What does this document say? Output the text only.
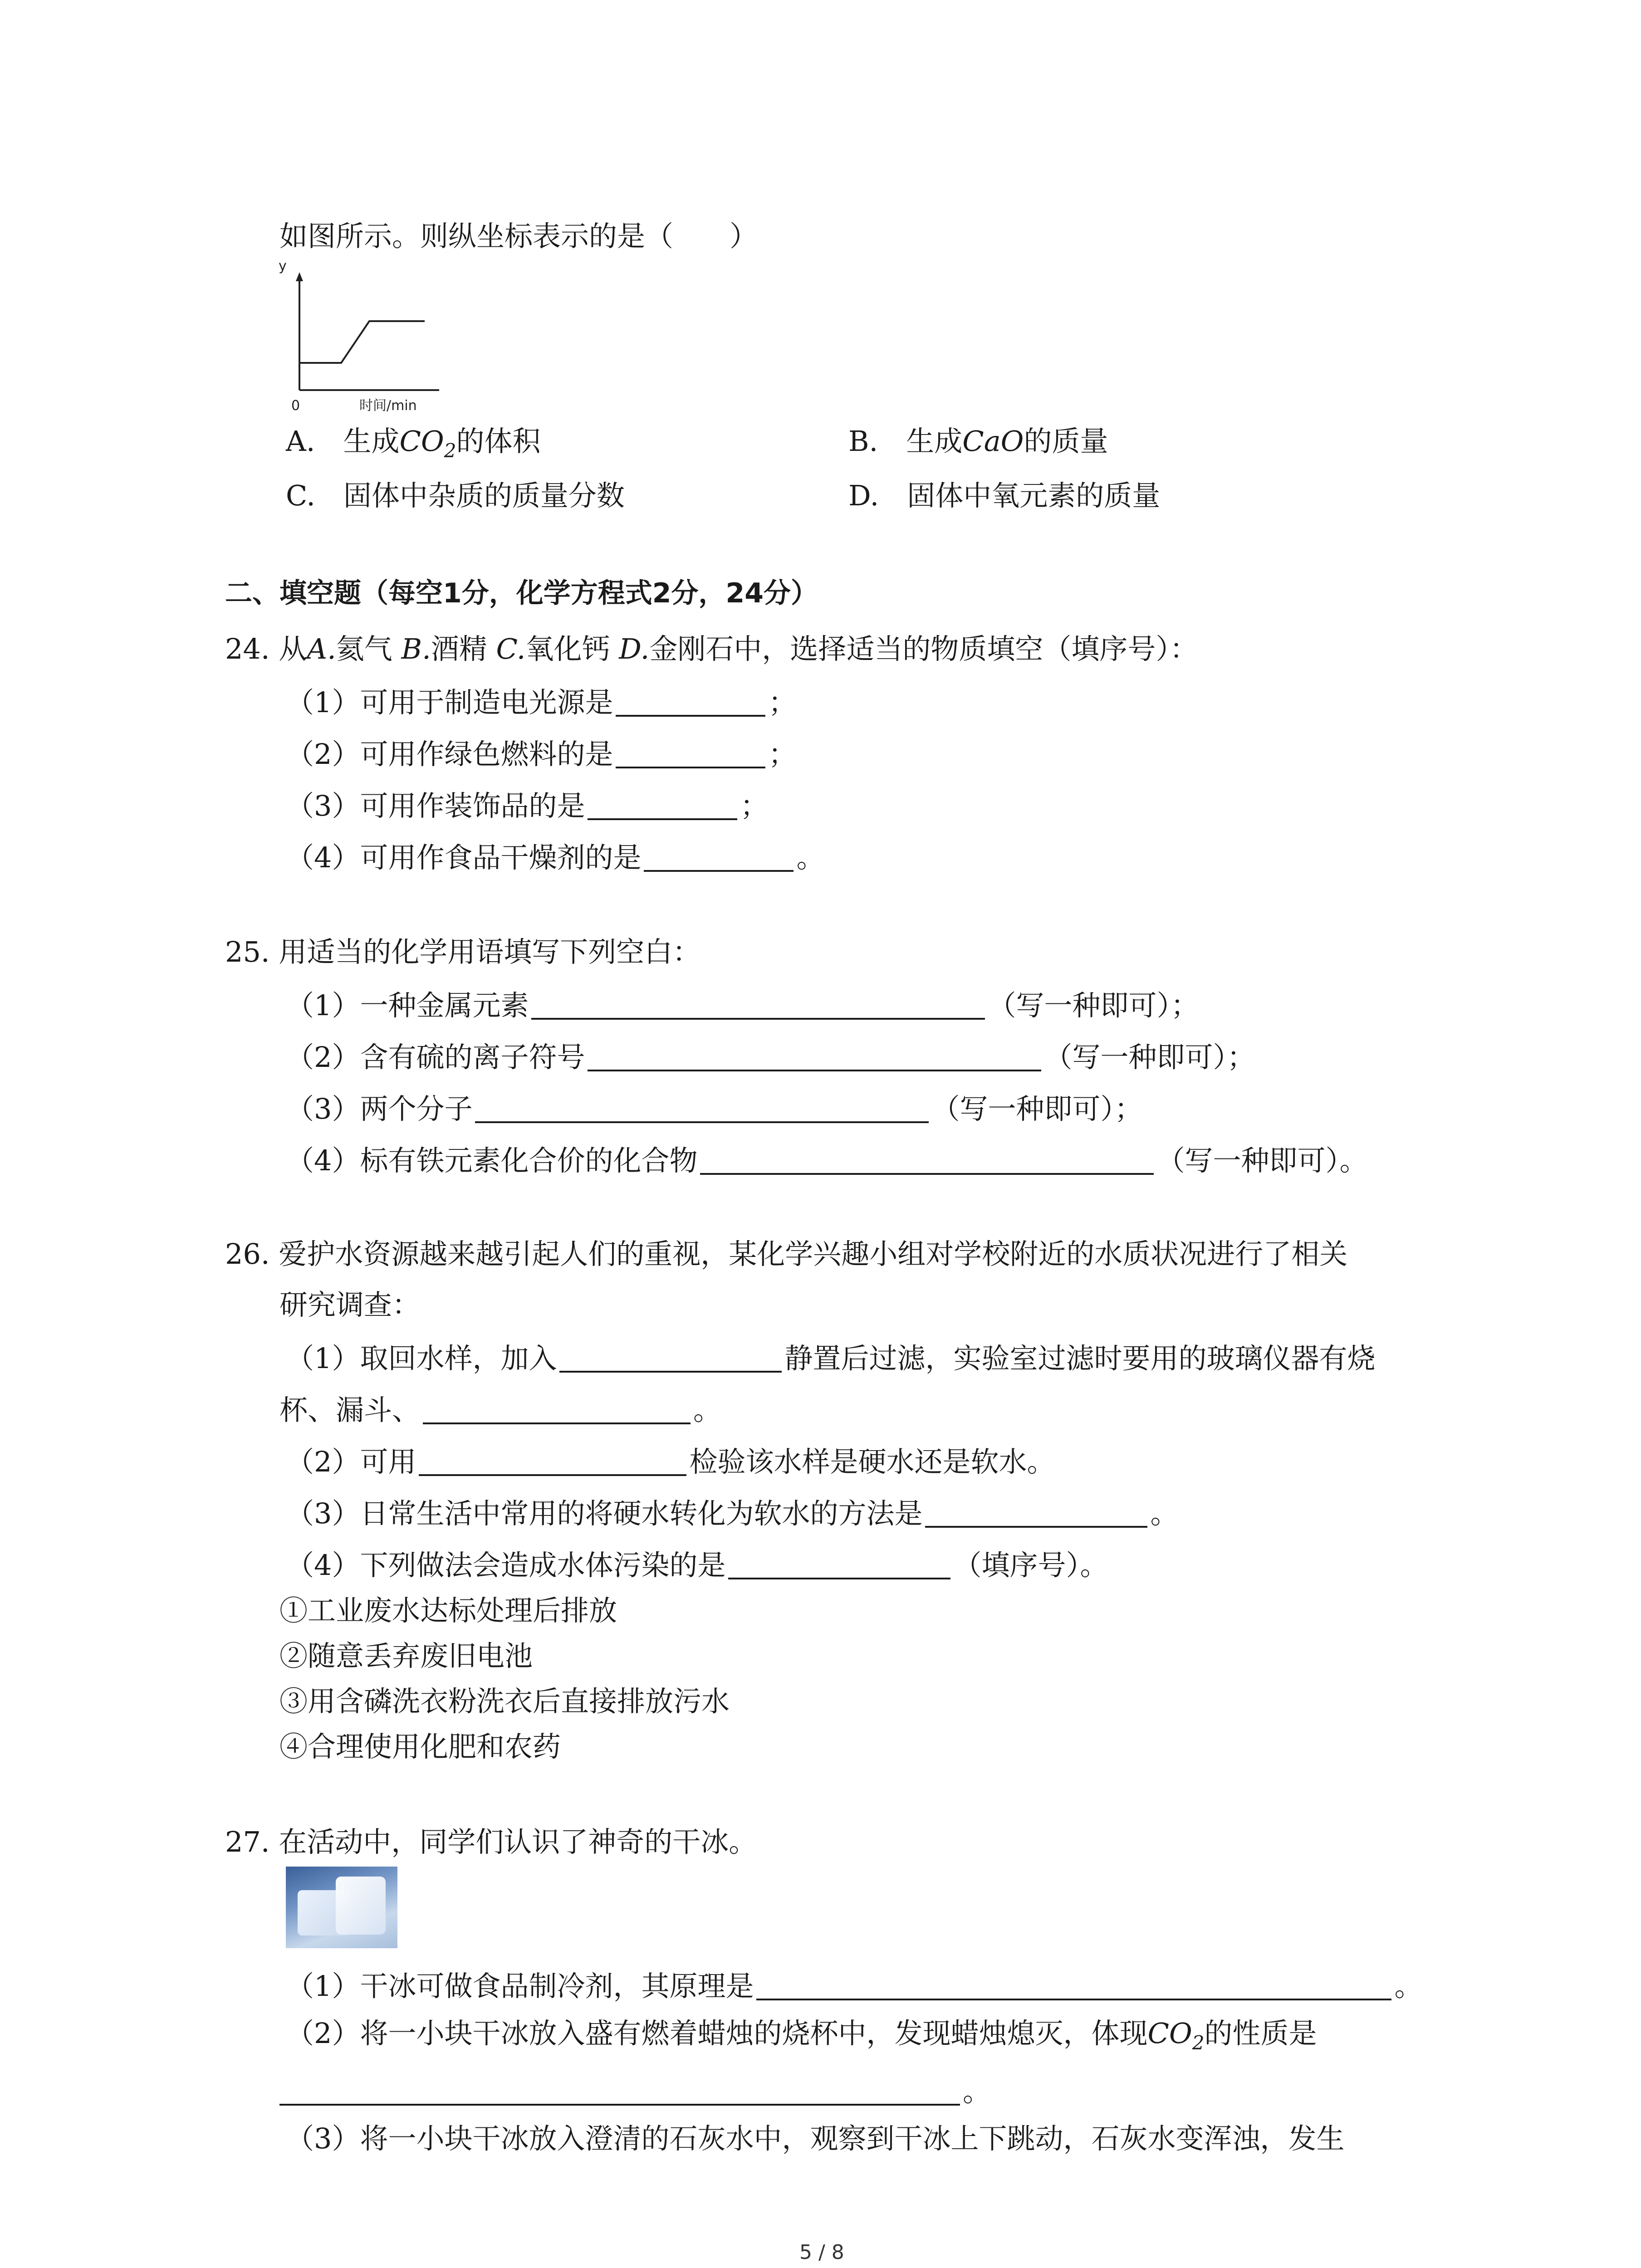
如图所示。则纵坐标表示的是（　　）
y
0	时间/min
A.　生成$CO_2$的体积	B.　生成CaO的质量
C.　固体中杂质的质量分数	D.　固体中氧元素的质量
二、填空题（每空1分，化学方程式2分，24分）
24. 从A.氦气 B.酒精 C.氧化钙 D.金刚石中，选择适当的物质填空（填序号）：
（1）可用于制造电光源是	；
（2）可用作绿色燃料的是	；
（3）可用作装饰品的是	；
（4）可用作食品干燥剂的是	。
25. 用适当的化学用语填写下列空白：
（1）一种金属元素	（写一种即可）；
（2）含有硫的离子符号	（写一种即可）；
（3）两个分子	（写一种即可）；
（4）标有铁元素化合价的化合物	（写一种即可）。
26. 爱护水资源越来越引起人们的重视，某化学兴趣小组对学校附近的水质状况进行了相关
研究调查：
（1）取回水样，加入	静置后过滤，实验室过滤时要用的玻璃仪器有烧
杯、漏斗、	。
（2）可用	检验该水样是硬水还是软水。
（3）日常生活中常用的将硬水转化为软水的方法是	。
（4）下列做法会造成水体污染的是	（填序号）。
①工业废水达标处理后排放
②随意丢弃废旧电池
③用含磷洗衣粉洗衣后直接排放污水
④合理使用化肥和农药
27. 在活动中，同学们认识了神奇的干冰。
（1）干冰可做食品制冷剂，其原理是	。
（2）将一小块干冰放入盛有燃着蜡烛的烧杯中，发现蜡烛熄灭，体现$CO_2$的性质是
。
（3）将一小块干冰放入澄清的石灰水中，观察到干冰上下跳动，石灰水变浑浊，发生
5 / 8
